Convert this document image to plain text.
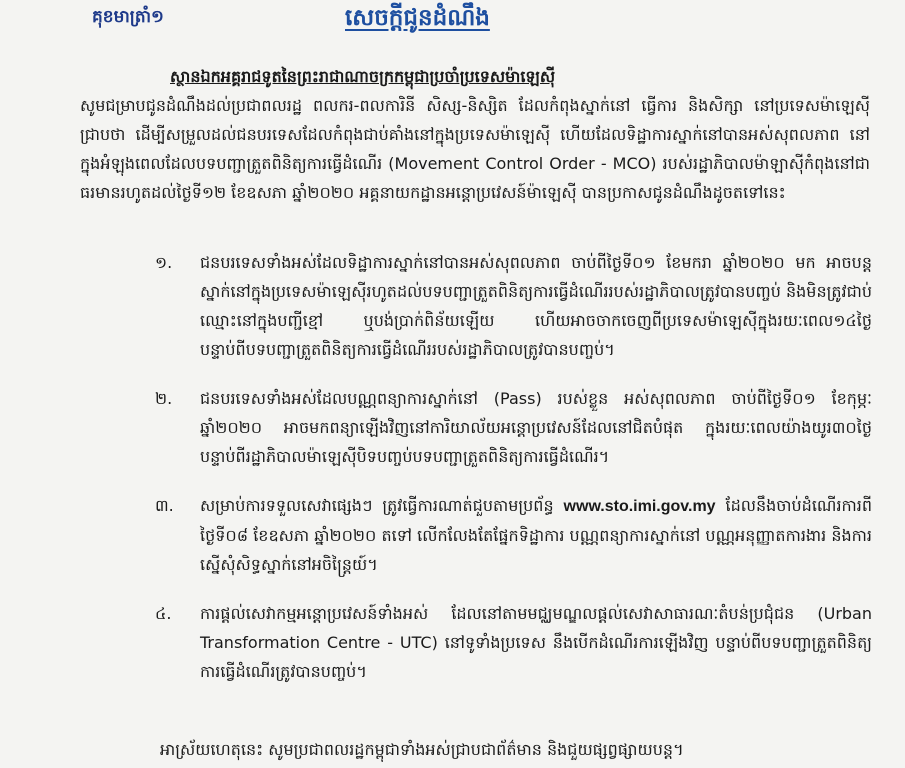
គុខមាត្រាំ១	សេចក្តីជូនដំណឹង
ស្ថានឯកអគ្គរាជទូតនៃព្រះរាជាណាចក្រកម្ពុជាប្រចាំប្រទេសម៉ាឡេស៊ី
សូមជម្រាបជូនដំណឹងដល់ប្រជាពលរដ្ឋ ពលករ-ពលការិនី សិស្ស-និស្សិត ដែលកំពុងស្នាក់នៅ ធ្វើការ និងសិក្សា នៅប្រទេសម៉ាឡេស៊ីជ្រាបថា ដើម្បីសម្រួលដល់ជនបរទេសដែលកំពុងជាប់គាំងនៅក្នុងប្រទេសម៉ាឡេស៊ី ហើយដែលទិដ្ឋាការស្នាក់នៅបានអស់សុពលភាព នៅក្នុងអំឡុងពេលដែលបទបញ្ជាត្រួតពិនិត្យការធ្វើដំណើរ (Movement Control Order - MCO) របស់រដ្ឋាភិបាលម៉ាឡាស៊ីកំពុងនៅជាធរមានរហូតដល់ថ្ងៃទី១២ ខែឧសភា ឆ្នាំ២០២០ អគ្គនាយកដ្ឋានអន្តោប្រវេសន៍ម៉ាឡេស៊ី បានប្រកាសជូនដំណឹងដូចតទៅនេះ
១.	ជនបរទេសទាំងអស់ដែលទិដ្ឋាការស្នាក់នៅបានអស់សុពលភាព ចាប់ពីថ្ងៃទី០១ ខែមករា ឆ្នាំ២០២០ មក អាចបន្តស្នាក់នៅក្នុងប្រទេសម៉ាឡេស៊ីរហូតដល់បទបញ្ជាត្រួតពិនិត្យការធ្វើដំណើររបស់រដ្ឋាភិបាលត្រូវបានបញ្ចប់ និងមិនត្រូវជាប់ឈ្មោះនៅក្នុងបញ្ជីខ្មៅ ឬបង់ប្រាក់ពិន័យឡើយ ហើយអាចចាកចេញពីប្រទេសម៉ាឡេស៊ីក្នុងរយៈពេល១៤ថ្ងៃ បន្ទាប់ពីបទបញ្ជាត្រួតពិនិត្យការធ្វើដំណើររបស់រដ្ឋាភិបាលត្រូវបានបញ្ចប់។
២.	ជនបរទេសទាំងអស់ដែលបណ្ណពន្យាការស្នាក់នៅ (Pass) របស់ខ្លួន អស់សុពលភាព ចាប់ពីថ្ងៃទី០១ ខែកុម្ភៈ ឆ្នាំ២០២០ អាចមកពន្យាឡើងវិញនៅការិយាល័យអន្តោប្រវេសន៍ដែលនៅជិតបំផុត ក្នុងរយៈពេលយ៉ាងយូរ៣០ថ្ងៃ បន្ទាប់ពីរដ្ឋាភិបាលម៉ាឡេស៊ីបិទបញ្ចប់បទបញ្ជាត្រួតពិនិត្យការធ្វើដំណើរ។
៣.	សម្រាប់ការទទួលសេវាផ្សេងៗ ត្រូវធ្វើការណាត់ជួបតាមប្រព័ន្ធ www.sto.imi.gov.my ដែលនឹងចាប់ដំណើរការពីថ្ងៃទី០៨ ខែឧសភា ឆ្នាំ២០២០ តទៅ លើកលែងតែផ្នែកទិដ្ឋាការ បណ្ណពន្យាការស្នាក់នៅ បណ្ណអនុញ្ញាតការងារ និងការស្នើសុំសិទ្ធស្នាក់នៅអចិន្ត្រៃយ៍។
៤.	ការផ្តល់សេវាកម្មអន្តោប្រវេសន៍ទាំងអស់ ដែលនៅតាមមជ្ឈមណ្ឌលផ្តល់សេវាសាធារណៈតំបន់ប្រជុំជន (Urban Transformation Centre - UTC) នៅទូទាំងប្រទេស នឹងបើកដំណើរការឡើងវិញ បន្ទាប់ពីបទបញ្ជាត្រួតពិនិត្យការធ្វើដំណើរត្រូវបានបញ្ចប់។
អាស្រ័យហេតុនេះ សូមប្រជាពលរដ្ឋកម្ពុជាទាំងអស់ជ្រាបជាព័ត៌មាន និងជួយផ្សព្វផ្សាយបន្ត។
